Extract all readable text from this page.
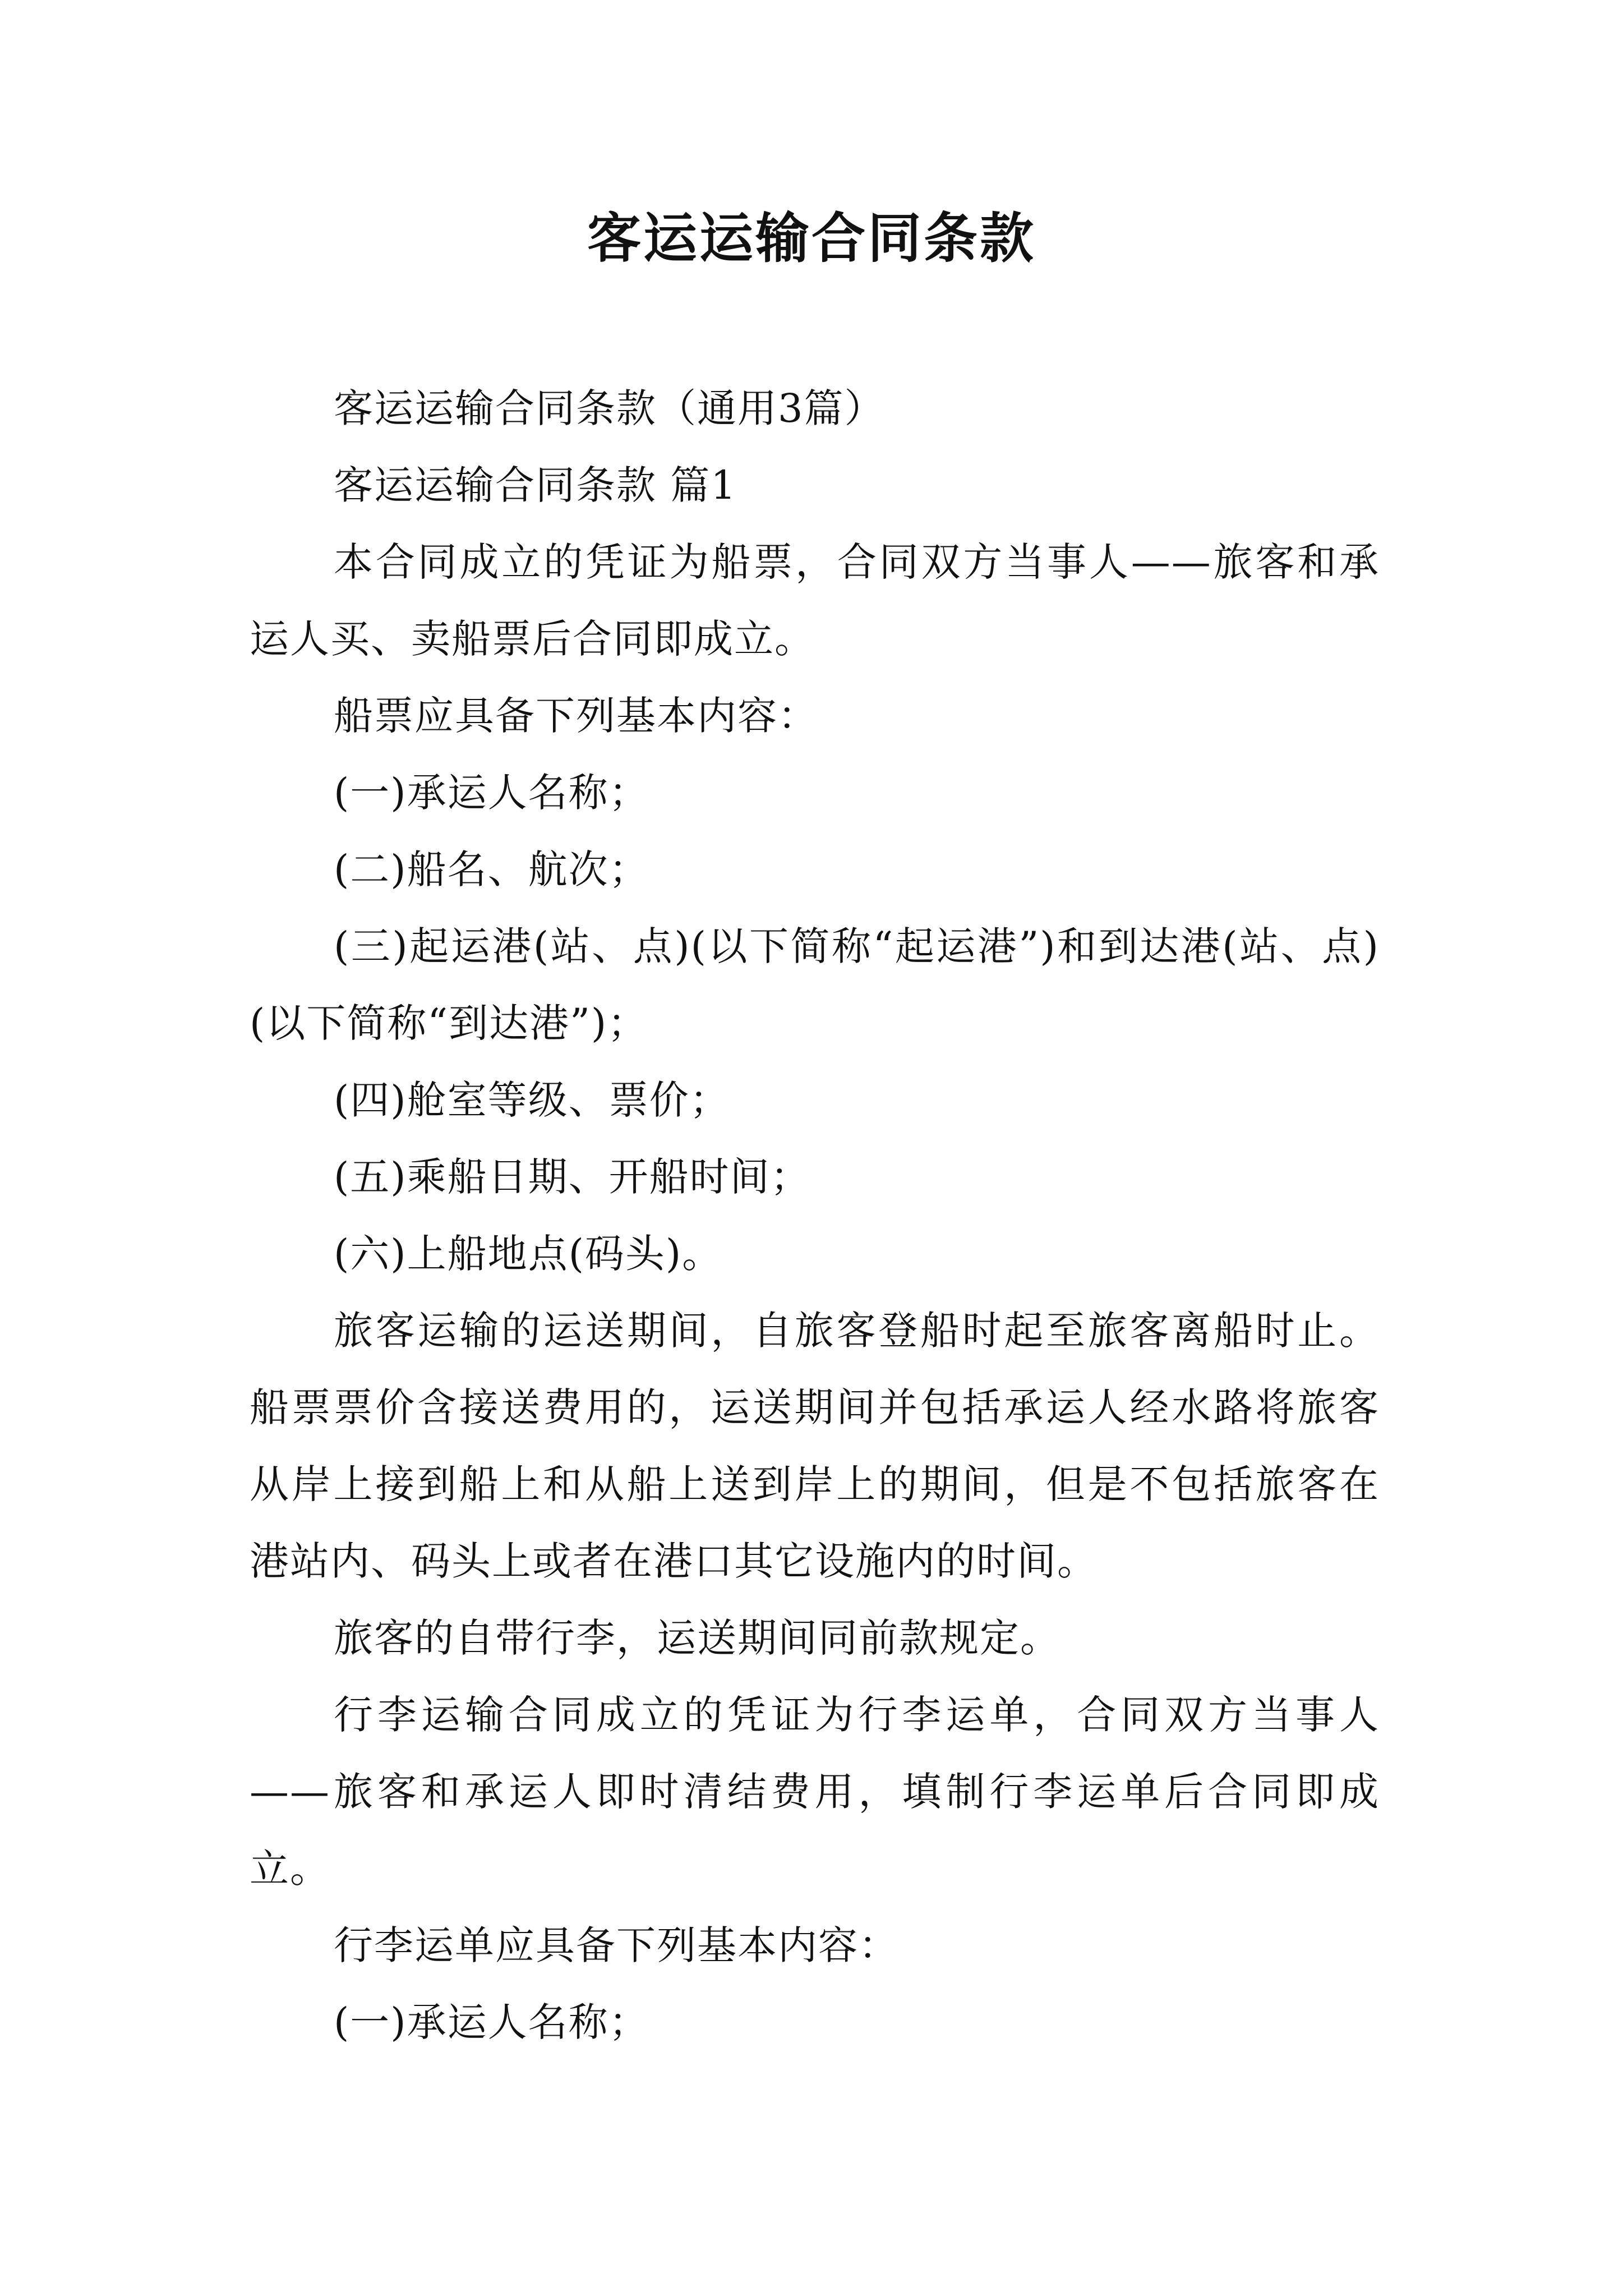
客运运输合同条款

客运运输合同条款（通用3篇）

客运运输合同条款 篇1

本合同成立的凭证为船票，合同双方当事人——旅客和承运人买、卖船票后合同即成立。

船票应具备下列基本内容：

(一)承运人名称；

(二)船名、航次；

(三)起运港(站、点)(以下简称“起运港”)和到达港(站、点)(以下简称“到达港”)；

(四)舱室等级、票价；

(五)乘船日期、开船时间；

(六)上船地点(码头)。

旅客运输的运送期间，自旅客登船时起至旅客离船时止。船票票价含接送费用的，运送期间并包括承运人经水路将旅客从岸上接到船上和从船上送到岸上的期间，但是不包括旅客在港站内、码头上或者在港口其它设施内的时间。

旅客的自带行李，运送期间同前款规定。

行李运输合同成立的凭证为行李运单，合同双方当事人——旅客和承运人即时清结费用，填制行李运单后合同即成立。

行李运单应具备下列基本内容：

(一)承运人名称；
